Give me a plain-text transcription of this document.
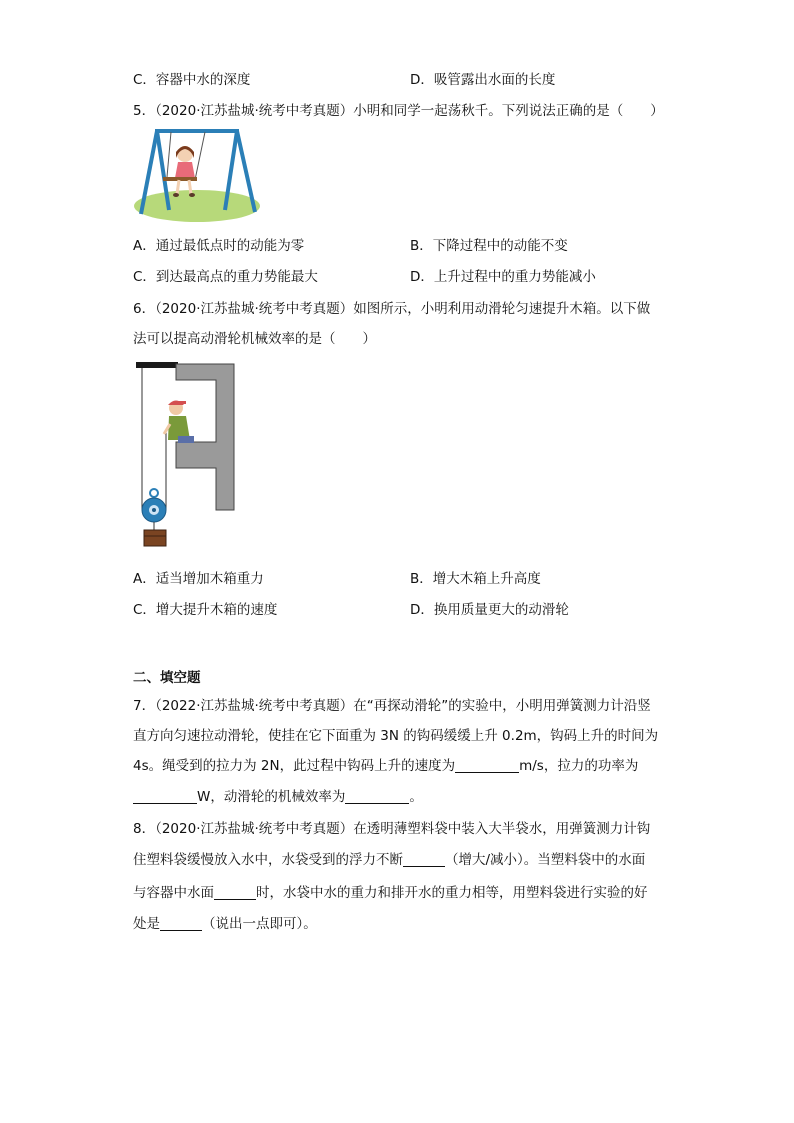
C．容器中水的深度	D．吸管露出水面的长度
5．（2020·江苏盐城·统考中考真题）小明和同学一起荡秋千。下列说法正确的是（　　）
A．通过最低点时的动能为零	B．下降过程中的动能不变
C．到达最高点的重力势能最大	D．上升过程中的重力势能减小
6．（2020·江苏盐城·统考中考真题）如图所示，小明利用动滑轮匀速提升木箱。以下做
法可以提高动滑轮机械效率的是（　　）
A．适当增加木箱重力	B．增大木箱上升高度
C．增大提升木箱的速度	D．换用质量更大的动滑轮
二、填空题
7．（2022·江苏盐城·统考中考真题）在“再探动滑轮”的实验中，小明用弹簧测力计沿竖
直方向匀速拉动滑轮，使挂在它下面重为 3N 的钩码缓缓上升 0.2m，钩码上升的时间为
4s。绳受到的拉力为 2N，此过程中钩码上升的速度为	m/s，拉力的功率为
W，动滑轮的机械效率为	。
8．（2020·江苏盐城·统考中考真题）在透明薄塑料袋中装入大半袋水，用弹簧测力计钩
住塑料袋缓慢放入水中，水袋受到的浮力不断	（增大/减小）。当塑料袋中的水面
与容器中水面	时，水袋中水的重力和排开水的重力相等，用塑料袋进行实验的好
处是	（说出一点即可）。
